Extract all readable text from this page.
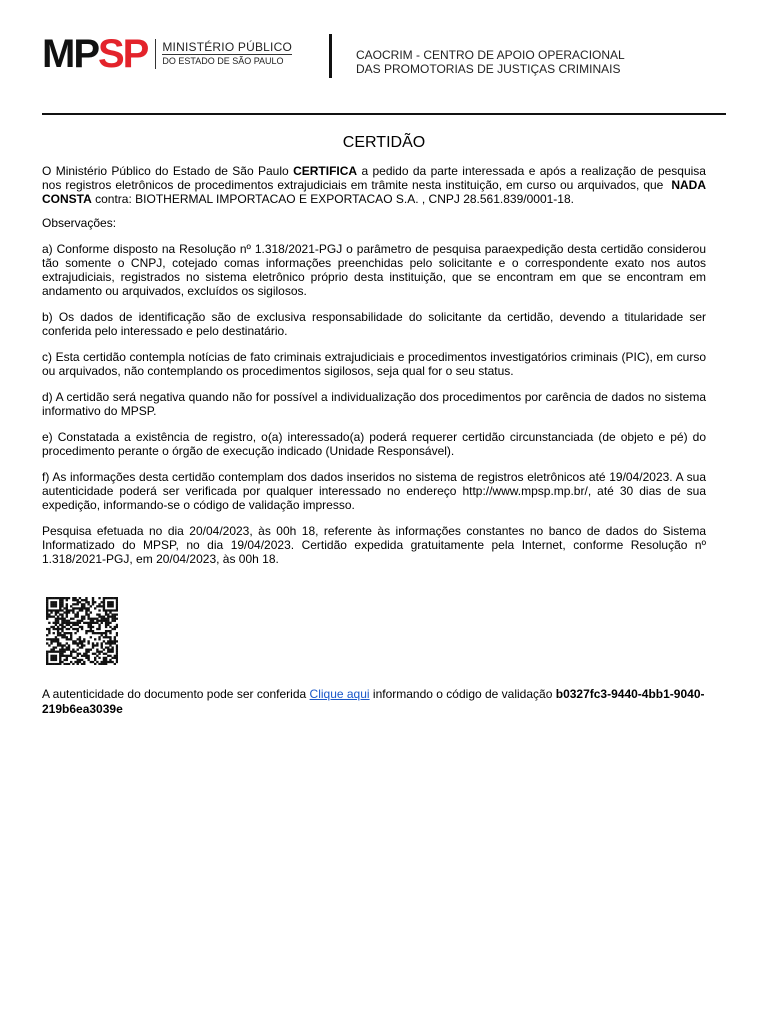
MP SP MINISTÉRIO PÚBLICO
DO ESTADO DE SÃO PAULO	CAOCRIM - CENTRO DE APOIO OPERACIONAL
DAS PROMOTORIAS DE JUSTIÇAS CRIMINAIS
CERTIDÃO

O Ministério Público do Estado de São Paulo CERTIFICA a pedido da parte interessada e após a realização de pesquisa nos registros eletrônicos de procedimentos extrajudiciais em trâmite nesta instituição, em curso ou arquivados, que NADA CONSTA contra: BIOTHERMAL IMPORTACAO E EXPORTACAO S.A. , CNPJ 28.561.839/0001-18.

Observações:

a) Conforme disposto na Resolução nº 1.318/2021-PGJ o parâmetro de pesquisa paraexpedição desta certidão considerou tão somente o CNPJ, cotejado comas informações preenchidas pelo solicitante e o correspondente exato nos autos extrajudiciais, registrados no sistema eletrônico próprio desta instituição, que se encontram em que se encontram em andamento ou arquivados, excluídos os sigilosos.

b) Os dados de identificação são de exclusiva responsabilidade do solicitante da certidão, devendo a titularidade ser conferida pelo interessado e pelo destinatário.

c) Esta certidão contempla notícias de fato criminais extrajudiciais e procedimentos investigatórios criminais (PIC), em curso ou arquivados, não contemplando os procedimentos sigilosos, seja qual for o seu status.

d) A certidão será negativa quando não for possível a individualização dos procedimentos por carência de dados no sistema informativo do MPSP.

e) Constatada a existência de registro, o(a) interessado(a) poderá requerer certidão circunstanciada (de objeto e pé) do procedimento perante o órgão de execução indicado (Unidade Responsável).

f) As informações desta certidão contemplam dos dados inseridos no sistema de registros eletrônicos até 19/04/2023. A sua autenticidade poderá ser verificada por qualquer interessado no endereço http://www.mpsp.mp.br/, até 30 dias de sua expedição, informando-se o código de validação impresso.

Pesquisa efetuada no dia 20/04/2023, às 00h 18, referente às informações constantes no banco de dados do Sistema Informatizado do MPSP, no dia 19/04/2023. Certidão expedida gratuitamente pela Internet, conforme Resolução nº 1.318/2021-PGJ, em 20/04/2023, às 00h 18.

A autenticidade do documento pode ser conferida Clique aqui informando o código de validação b0327fc3-9440-4bb1-9040-219b6ea3039e
